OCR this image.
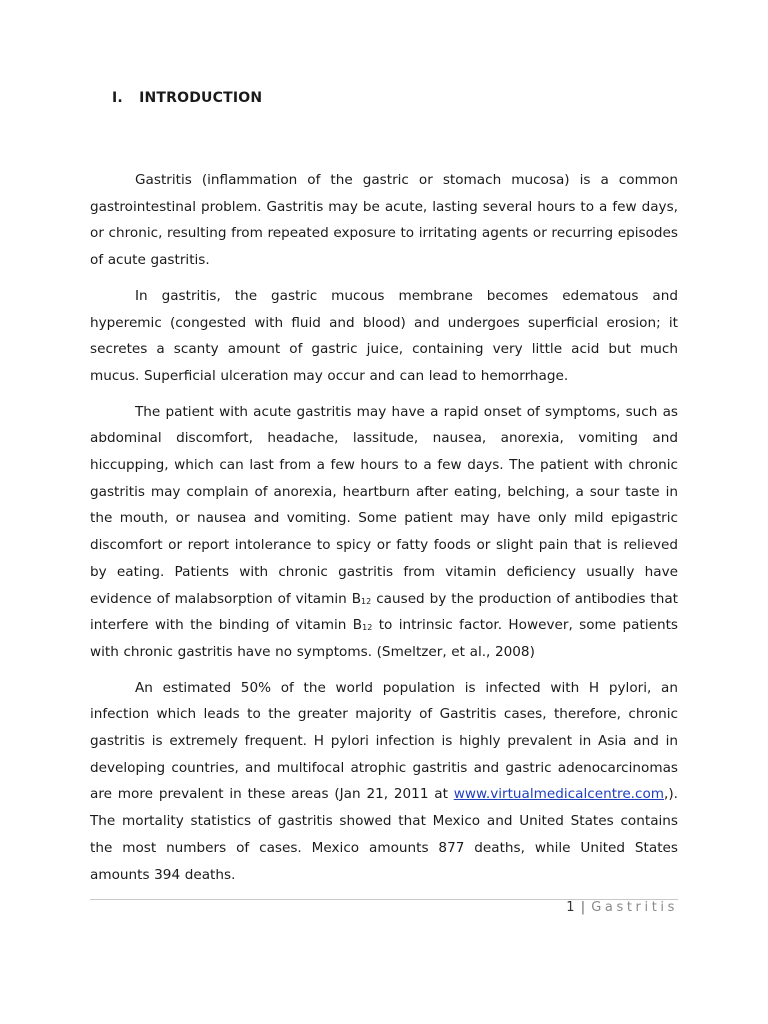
I. INTRODUCTION

Gastritis (inflammation of the gastric or stomach mucosa) is a common gastrointestinal problem. Gastritis may be acute, lasting several hours to a few days, or chronic, resulting from repeated exposure to irritating agents or recurring episodes of acute gastritis.

In gastritis, the gastric mucous membrane becomes edematous and hyperemic (congested with fluid and blood) and undergoes superficial erosion; it secretes a scanty amount of gastric juice, containing very little acid but much mucus. Superficial ulceration may occur and can lead to hemorrhage.

The patient with acute gastritis may have a rapid onset of symptoms, such as abdominal discomfort, headache, lassitude, nausea, anorexia, vomiting and hiccupping, which can last from a few hours to a few days. The patient with chronic gastritis may complain of anorexia, heartburn after eating, belching, a sour taste in the mouth, or nausea and vomiting. Some patient may have only mild epigastric discomfort or report intolerance to spicy or fatty foods or slight pain that is relieved by eating. Patients with chronic gastritis from vitamin deficiency usually have evidence of malabsorption of vitamin $B_{12}$ caused by the production of antibodies that interfere with the binding of vitamin $B_{12}$ to intrinsic factor. However, some patients with chronic gastritis have no symptoms. (Smeltzer, et al., 2008)

An estimated 50% of the world population is infected with H pylori, an infection which leads to the greater majority of Gastritis cases, therefore, chronic gastritis is extremely frequent. H pylori infection is highly prevalent in Asia and in developing countries, and multifocal atrophic gastritis and gastric adenocarcinomas are more prevalent in these areas (Jan 21, 2011 at www.virtualmedicalcentre.com,). The mortality statistics of gastritis showed that Mexico and United States contains the most numbers of cases. Mexico amounts 877 deaths, while United States amounts 394 deaths.

1 | Gastritis
